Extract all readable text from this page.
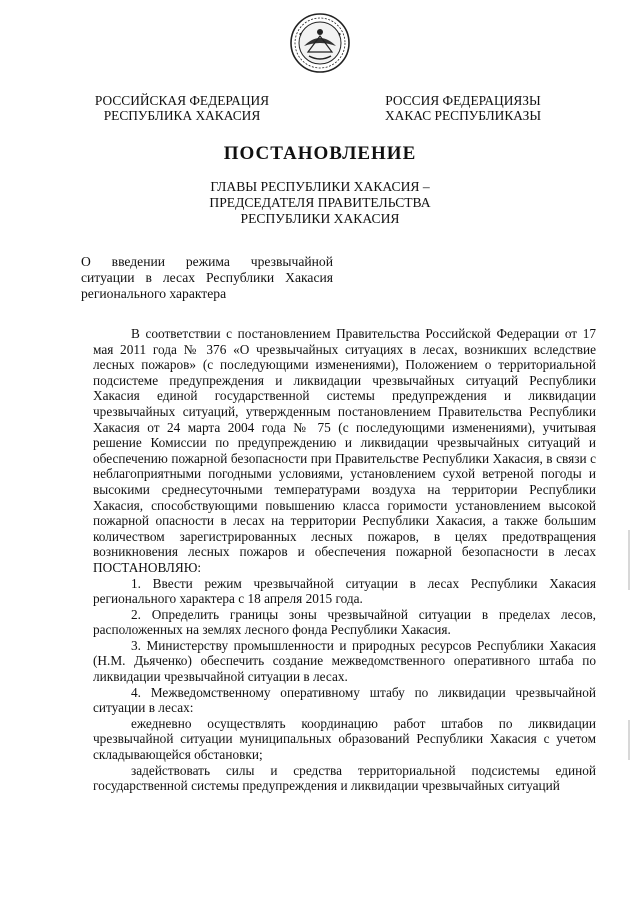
РОССИЙСКАЯ ФЕДЕРАЦИЯ
РЕСПУБЛИКА ХАКАСИЯ
РОССИЯ ФЕДЕРАЦИЯЗЫ
ХАКАС РЕСПУБЛИКАЗЫ
ПОСТАНОВЛЕНИЕ
ГЛАВЫ РЕСПУБЛИКИ ХАКАСИЯ –
ПРЕДСЕДАТЕЛЯ ПРАВИТЕЛЬСТВА
РЕСПУБЛИКИ ХАКАСИЯ
О введении режима чрезвычайной ситуации в лесах Республики Хакасия регионального характера

В соответствии с постановлением Правительства Российской Федерации от 17 мая 2011 года № 376 «О чрезвычайных ситуациях в лесах, возникших вследствие лесных пожаров» (с последующими изменениями), Положением о территориальной подсистеме предупреждения и ликвидации чрезвычайных ситуаций Республики Хакасия единой государственной системы предупреждения и ликвидации чрезвычайных ситуаций, утвержденным постановлением Правительства Республики Хакасия от 24 марта 2004 года № 75 (с последующими изменениями), учитывая решение Комиссии по предупреждению и ликвидации чрезвычайных ситуаций и обеспечению пожарной безопасности при Правительстве Республики Хакасия, в связи с неблагоприятными погодными условиями, установлением сухой ветреной погоды и высокими среднесуточными температурами воздуха на территории Республики Хакасия, способствующими повышению класса горимости установлением высокой пожарной опасности в лесах на территории Республики Хакасия, а также большим количеством зарегистрированных лесных пожаров, в целях предотвращения возникновения лесных пожаров и обеспечения пожарной безопасности в лесах ПОСТАНОВЛЯЮ:

1. Ввести режим чрезвычайной ситуации в лесах Республики Хакасия регионального характера с 18 апреля 2015 года.

2. Определить границы зоны чрезвычайной ситуации в пределах лесов, расположенных на землях лесного фонда Республики Хакасия.

3. Министерству промышленности и природных ресурсов Республики Хакасия (Н.М. Дьяченко) обеспечить создание межведомственного оперативного штаба по ликвидации чрезвычайной ситуации в лесах.

4. Межведомственному оперативному штабу по ликвидации чрезвычайной ситуации в лесах:

ежедневно осуществлять координацию работ штабов по ликвидации чрезвычайной ситуации муниципальных образований Республики Хакасия с учетом складывающейся обстановки;

задействовать силы и средства территориальной подсистемы единой государственной системы предупреждения и ликвидации чрезвычайных ситуаций
